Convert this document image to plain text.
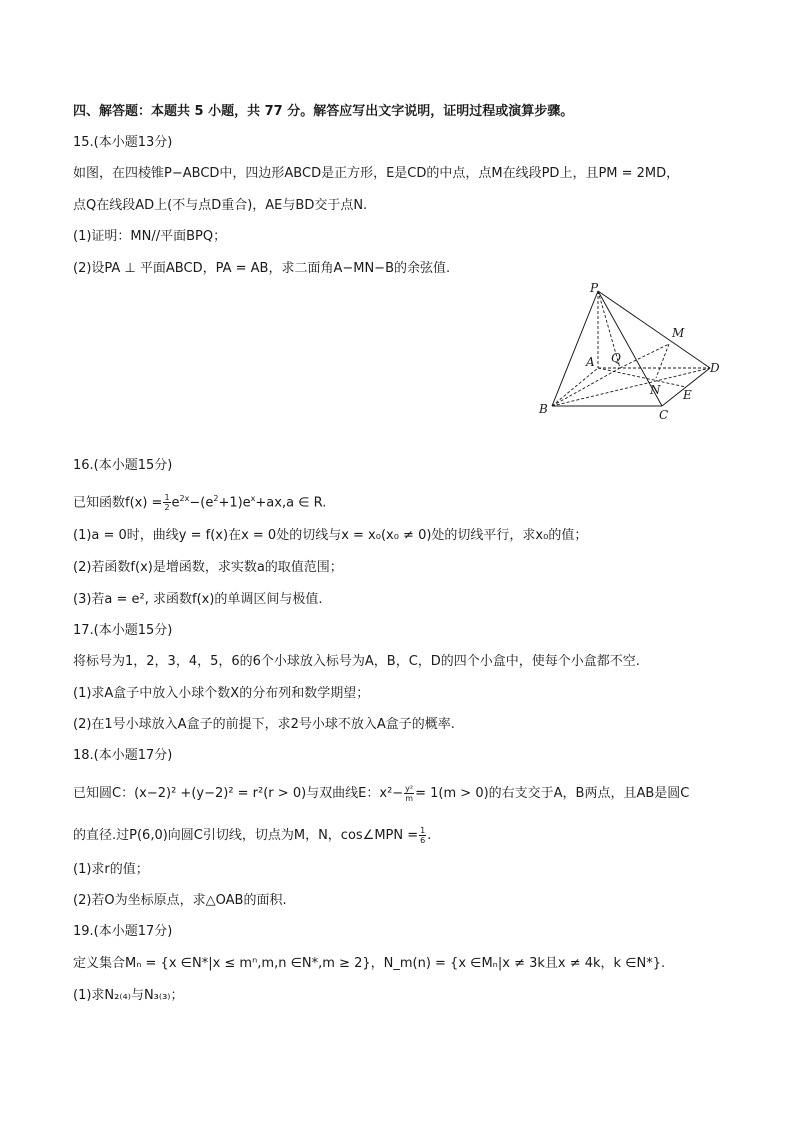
四、解答题：本题共 5 小题，共 77 分。解答应写出文字说明，证明过程或演算步骤。
15.(本小题13分)
如图，在四棱锥P−ABCD中，四边形ABCD是正方形，E是CD的中点，点M在线段PD上，且PM = 2MD，
点Q在线段AD上(不与点D重合)，AE与BD交于点N.
(1)证明：MN//平面BPQ；
(2)设PA ⊥ 平面ABCD，PA = AB，求二面角A−MN−B的余弦值.
P
M
A Q
D
N E
B	C
16.(本小题15分)
已知函数$f(x) = \frac{1}{2} e^{2x}-(e^2+1)e^x+ax,a$ ∈ R.
(1)a = 0时，曲线y = f(x)在x = 0处的切线与x = x₀(x₀ ≠ 0)处的切线平行，求x₀的值；
(2)若函数f(x)是增函数，求实数a的取值范围；
(3)若a = e², 求函数f(x)的单调区间与极值.
17.(本小题15分)
将标号为1，2，3，4，5，6的6个小球放入标号为A，B，C，D的四个小盒中，使每个小盒都不空.
(1)求A盒子中放入小球个数X的分布列和数学期望；
(2)在1号小球放入A盒子的前提下，求2号小球不放入A盒子的概率.
18.(本小题17分)
已知圆C：(x−2)² +(y−2)² = r²(r > 0)与双曲线E：$x^2- \frac{\text{y²}}{m} = 1(m > 0)$的右支交于A，B两点，且AB是圆C
的直径.过P(6,0)向圆C引切线，切点为M，N，cos∠MPN = $\frac{1}{6}$ .
(1)求r的值；
(2)若O为坐标原点，求△OAB的面积.
19.(本小题17分)
定义集合Mₙ = {x ∈N*|x ≤ mⁿ,m,n ∈N*,m ≥ 2}，N_m(n) = {x ∈Mₙ|x ≠ 3k且x ≠ 4k，k ∈N*}.
(1)求N₂₍₄₎与N₃₍₃₎；
